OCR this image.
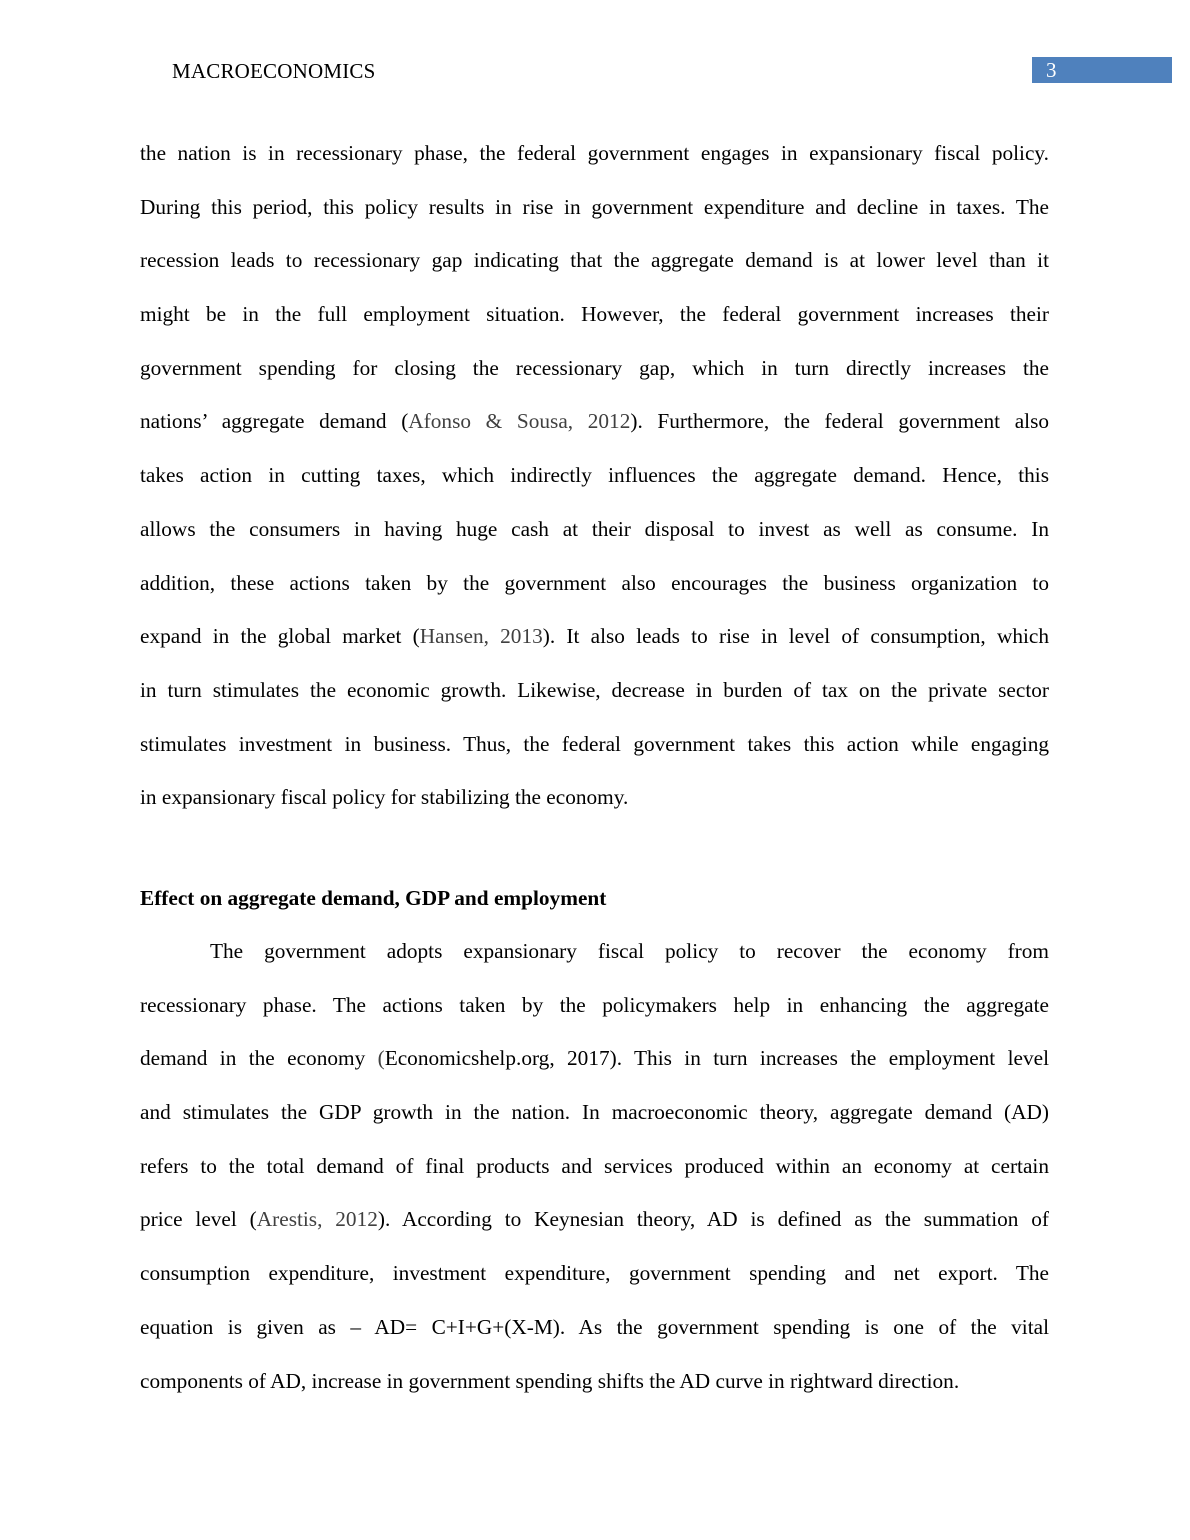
MACROECONOMICS	3
the nation is in recessionary phase, the federal government engages in expansionary fiscal policy.
During this period, this policy results in rise in government expenditure and decline in taxes. The
recession leads to recessionary gap indicating that the aggregate demand is at lower level than it
might be in the full employment situation. However, the federal government increases their
government spending for closing the recessionary gap, which in turn directly increases the
nations’ aggregate demand (Afonso & Sousa, 2012). Furthermore, the federal government also
takes action in cutting taxes, which indirectly influences the aggregate demand. Hence, this
allows the consumers in having huge cash at their disposal to invest as well as consume. In
addition, these actions taken by the government also encourages the business organization to
expand in the global market (Hansen, 2013). It also leads to rise in level of consumption, which
in turn stimulates the economic growth. Likewise, decrease in burden of tax on the private sector
stimulates investment in business. Thus, the federal government takes this action while engaging
in expansionary fiscal policy for stabilizing the economy.
Effect on aggregate demand, GDP and employment
The government adopts expansionary fiscal policy to recover the economy from
recessionary phase. The actions taken by the policymakers help in enhancing the aggregate
demand in the economy (Economicshelp.org, 2017). This in turn increases the employment level
and stimulates the GDP growth in the nation. In macroeconomic theory, aggregate demand (AD)
refers to the total demand of final products and services produced within an economy at certain
price level (Arestis, 2012). According to Keynesian theory, AD is defined as the summation of
consumption expenditure, investment expenditure, government spending and net export. The
equation is given as – AD= C+I+G+(X-M). As the government spending is one of the vital
components of AD, increase in government spending shifts the AD curve in rightward direction.
